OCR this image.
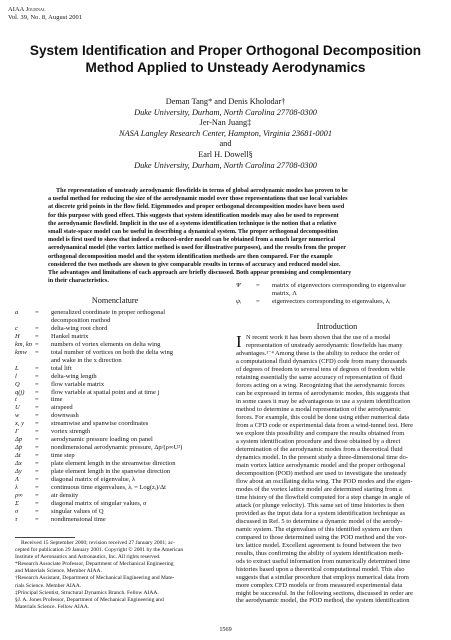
AIAA Journal
Vol. 39, No. 8, August 2001
System Identification and Proper Orthogonal Decomposition
Method Applied to Unsteady Aerodynamics
Deman Tang* and Denis Kholodar†
Duke University, Durham, North Carolina 27708-0300
Jer-Nan Juang‡
NASA Langley Research Center, Hampton, Virginia 23681-0001
and
Earl H. Dowell§
Duke University, Durham, North Carolina 27708-0300
The representation of unsteady aerodynamic flowfields in terms of global aerodynamic modes has proven to be
a useful method for reducing the size of the aerodynamic model over those representations that use local variables
at discrete grid points in the flow field. Eigenmodes and proper orthogonal decomposition modes have been used
for this purpose with good effect. This suggests that system identification models may also be used to represent
the aerodynamic flowfield. Implicit in the use of a systems identification technique is the notion that a relative
small state-space model can be useful in describing a dynamical system. The proper orthogonal decomposition
model is first used to show that indeed a reduced-order model can be obtained from a much larger numerical
aerodynamical model (the vortex lattice method is used for illustrative purposes), and the results from the proper
orthogonal decomposition model and the system identification methods are then compared. For the example
considered the two methods are shown to give comparable results in terms of accuracy and reduced model size.
The advantages and limitations of each approach are briefly discussed. Both appear promising and complementary
in their characteristics.
Nomenclature
a	=	generalized coordinate in proper orthogonal
decomposition method
c	=	delta-wing root chord
H	=	Hankel matrix
km, kn =	numbers of vortex elements on delta wing
kmw	=	total number of vortices on both the delta wing
and wake in the x direction
L	=	total lift
l	=	delta-wing length
Q	=	flow variable matrix
q(j)	=	flow variable at spatial point and at time j
t	=	time
U	=	airspeed
w	=	downwash
x, y	=	streamwise and spanwise coordinates
Γ	=	vortex strength
Δp	=	aerodynamic pressure loading on panel
Δp̄	=	nondimensional aerodynamic pressure, Δp/(ρ∞U²)
Δt	=	time step
Δx	=	plate element length in the streamwise direction
Δy	=	plate element length in the spanwise direction
Λ	=	diagonal matrix of eigenvalue, λ
λ	=	continuous time eigenvalues, λᵢ = Log(zᵢ)/Δt
ρ∞	=	air density
Σ	=	diagonal matrix of singular values, σ
σ	=	singular values of Q
τ	=	nondimensional time
Ψ	=	matrix of eigenvectors corresponding to eigenvalue
matrix, Λ
ψᵢ	=	eigenvectors corresponding to eigenvalues, λᵢ
Received 15 September 2000; revision received 27 January 2001; ac-
cepted for publication 29 January 2001. Copyright © 2001 by the American
Institute of Aeronautics and Astronautics, Inc. All rights reserved.
*Research Associate Professor, Department of Mechanical Engineering
and Materials Science. Member AIAA.
†Research Assistant, Department of Mechanical Engineering and Mate-
rials Science. Member AIAA.
‡Principal Scientist, Structural Dynamics Branch. Fellow AIAA.
§J. A. Jones Professor, Department of Mechanical Engineering and
Materials Science. Fellow AIAA.
Introduction
I N recent work it has been shown that the use of a modal
representation of unsteady aerodynamic flowfields has many
advantages.¹⁻⁴ Among these is the ability to reduce the order of
a computational fluid dynamics (CFD) code from many thousands
of degrees of freedom to several tens of degrees of freedom while
retaining essentially the same accuracy of representation of fluid
forces acting on a wing. Recognizing that the aerodynamic forces
can be expressed in terms of aerodynamic modes, this suggests that
in some cases it may be advantageous to use a system identification
method to determine a modal representation of the aerodynamic
forces. For example, this could be done using either numerical data
from a CFD code or experimental data from a wind-tunnel test. Here
we explore this possibility and compare the results obtained from
a system identification procedure and those obtained by a direct
determination of the aerodynamic modes from a theoretical fluid
dynamics model. In the present study a three-dimensional time do-
main vortex lattice aerodynamic model and the proper orthogonal
decomposition (POD) method are used to investigate the unsteady
flow about an oscillating delta wing. The POD modes and the eigen-
modes of the vortex lattice model are determined starting from a
time history of the flowfield computed for a step change in angle of
attack (or plunge velocity). This same set of time histories is then
provided as the input data for a system identification technique as
discussed in Ref. 5 to determine a dynamic model of the aerody-
namic system. The eigenvalues of this identified system are then
compared to those determined using the POD method and the vor-
tex lattice model. Excellent agreement is found between the two
results, thus confirming the ability of system identification meth-
ods to extract useful information from numerically determined time
histories based upon a theoretical computational model. This also
suggests that a similar procedure that employs numerical data from
more complex CFD models or from measured experimental data
might be successful. In the following sections, discussed in order are
the aerodynamic model, the POD method, the system identification
1569
